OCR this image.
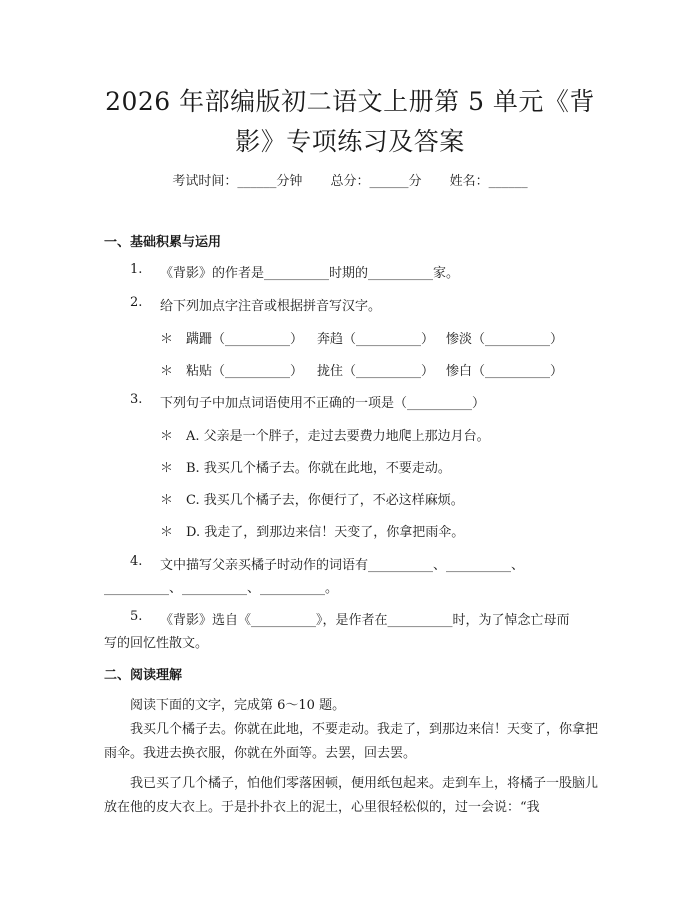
2026 年部编版初二语文上册第 5 单元《背
影》专项练习及答案
考试时间：______分钟 总分：______分 姓名：______
一、基础积累与运用
1. 《背影》的作者是__________时期的__________家。
2. 给下列加点字注音或根据拼音写汉字。
＊ 蹒跚（__________） 奔趋（__________） 惨淡（__________）
＊ 粘贴（__________） 拢住（__________） 惨白（__________）
3. 下列句子中加点词语使用不正确的一项是（__________）
＊ A. 父亲是一个胖子，走过去要费力地爬上那边月台。
＊ B. 我买几个橘子去。你就在此地，不要走动。
＊ C. 我买几个橘子去，你便行了，不必这样麻烦。
＊ D. 我走了，到那边来信！天变了，你拿把雨伞。
4. 文中描写父亲买橘子时动作的词语有__________、__________、
__________、__________、__________。
5. 《背影》选自《__________》，是作者在__________时，为了悼念亡母而
写的回忆性散文。
二、阅读理解
阅读下面的文字，完成第 6～10 题。
我买几个橘子去。你就在此地，不要走动。我走了，到那边来信！天变了，你拿把雨伞。我进去换衣服，你就在外面等。去罢，回去罢。
我已买了几个橘子，怕他们零落困顿，便用纸包起来。走到车上，将橘子一股脑儿放在他的皮大衣上。于是扑扑衣上的泥土，心里很轻松似的，过一会说：“我
